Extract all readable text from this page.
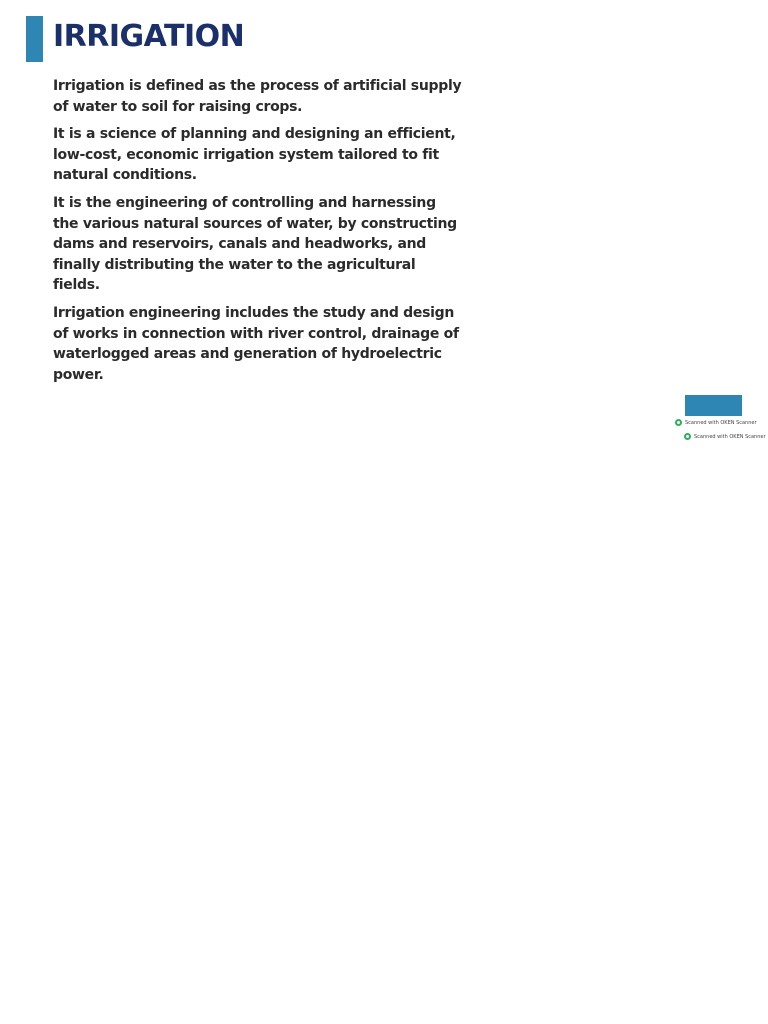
IRRIGATION

Irrigation is defined as the process of artificial supply of water to soil for raising crops.

It is a science of planning and designing an efficient, low-cost, economic irrigation system tailored to fit natural conditions.

It is the engineering of controlling and harnessing the various natural sources of water, by constructing dams and reservoirs, canals and headworks, and finally distributing the water to the agricultural fields.

Irrigation engineering includes the study and design of works in connection with river control, drainage of waterlogged areas and generation of hydroelectric power.

Scanned with OKEN Scanner
Scanned with OKEN Scanner
